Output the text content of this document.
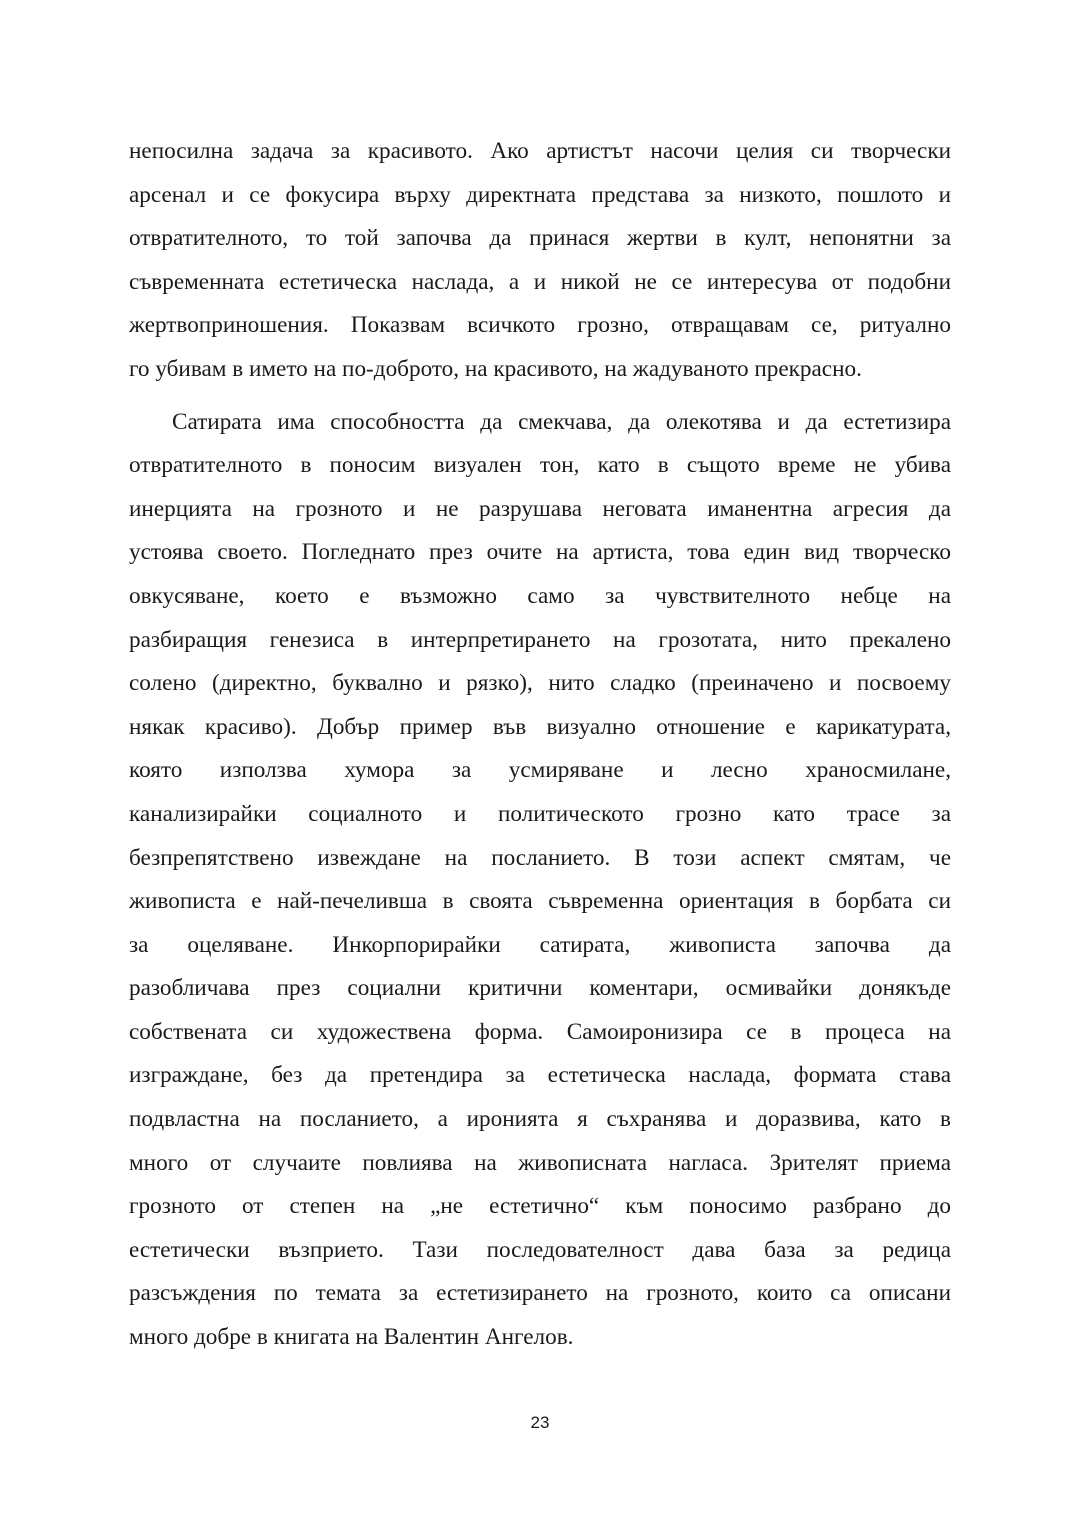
непосилна задача за красивото. Ако артистът насочи целия си творчески
арсенал и се фокусира върху директната представа за низкото, пошлото и
отвратителното, то той започва да принася жертви в култ, непонятни за
съвременната естетическа наслада, а и никой не се интересува от подобни
жертвоприношения. Показвам всичкото грозно, отвращавам се, ритуално
го убивам в името на по-доброто, на красивото, на жадуваното прекрасно.
Сатирата има способността да смекчава, да олекотява и да естетизира
отвратителното в поносим визуален тон, като в същото време не убива
инерцията на грозното и не разрушава неговата иманентна агресия да
устоява своето. Погледнато през очите на артиста, това един вид творческо
овкусяване, което е възможно само за чувствителното небце на
разбиращия генезиса в интерпретирането на грозотата, нито прекалено
солено (директно, буквално и рязко), нито сладко (преиначено и посвоему
някак красиво). Добър пример във визуално отношение е карикатурата,
която използва хумора за усмиряване и лесно храносмилане,
канализирайки социалното и политическото грозно като трасе за
безпрепятствено извеждане на посланието. В този аспект смятам, че
живописта е най-печеливша в своята съвременна ориентация в борбата си
за оцеляване. Инкорпорирайки сатирата, живописта започва да
разобличава през социални критични коментари, осмивайки донякъде
собствената си художествена форма. Самоиронизира се в процеса на
изграждане, без да претендира за естетическа наслада, формата става
подвластна на посланието, а иронията я съхранява и доразвива, като в
много от случаите повлиява на живописната нагласа. Зрителят приема
грозното от степен на „не естетично“ към поносимо разбрано до
естетически възприето. Тази последователност дава база за редица
разсъждения по темата за естетизирането на грозното, които са описани
много добре в книгата на Валентин Ангелов.
23
